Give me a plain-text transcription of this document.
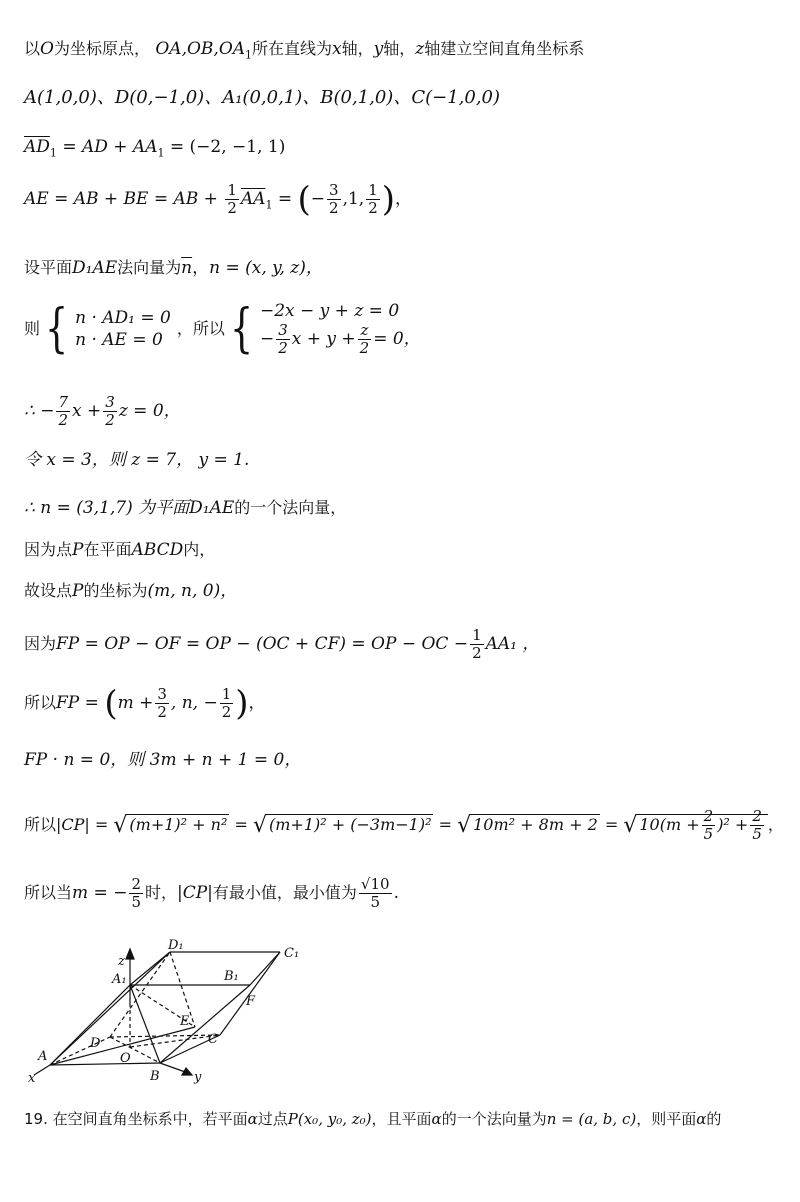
以O为坐标原点， $OA,OB,OA_1$所在直线为x轴，y轴，z轴建立空间直角坐标系
A(1,0,0)、D(0,−1,0)、A₁(0,0,1)、B(0,1,0)、C(−1,0,0)
$\overline{AD}_1$ = AD + $AA_1 = (-2$, −1, 1)
AE = AB + BE = AB + $\frac{1}{2} \overline{AA}_1$ = (− $\frac{3}{2} ,1$, $\frac{1}{2}$ )，
设平面D₁AE法向量为$\overline{n}$，n = (x, y, z)，
则 { n · AD₁ = 0
n · AE = 0
，所以 { −2x − y + z = 0
− $\frac{3}{2}$ $x + y + \frac{z}{2} = 0$，
∴ − $\frac{7}{2}$ $x + \frac{3}{2}$ z = 0，
令 x = 3，则 z = 7， y = 1.
∴ n = (3,1,7) 为平面D₁AE的一个法向量，
因为点P在平面ABCD内，
故设点P的坐标为(m, n, 0)，
因为FP = OP − OF = OP − (OC + CF) = OP − OC − $\frac{1}{2} AA_1$ ，
所以FP = ($m + \frac{3}{2}$ , n, − $\frac{1}{2}$ )，
FP · n = 0，则 3m + n + 1 = 0，
所以|CP| = √ (m+1)² + n² = √ (m+1)² + (−3m−1)² = √ 10m² + 8m + 2 = √ $10(m + \frac{2}{5} )^2 + \frac{2}{5}$ ，
所以当m = − $\frac{2}{5}$ 时，|CP|有最小值，最小值为 $\frac{√10}{5}$ .
z
D₁
C₁
A₁	B₁
F
E
D	C
A	O
B
x	y
19. 在空间直角坐标系中，若平面α过点P(x₀, y₀, z₀)，且平面α的一个法向量为n = (a, b, c)，则平面α的
